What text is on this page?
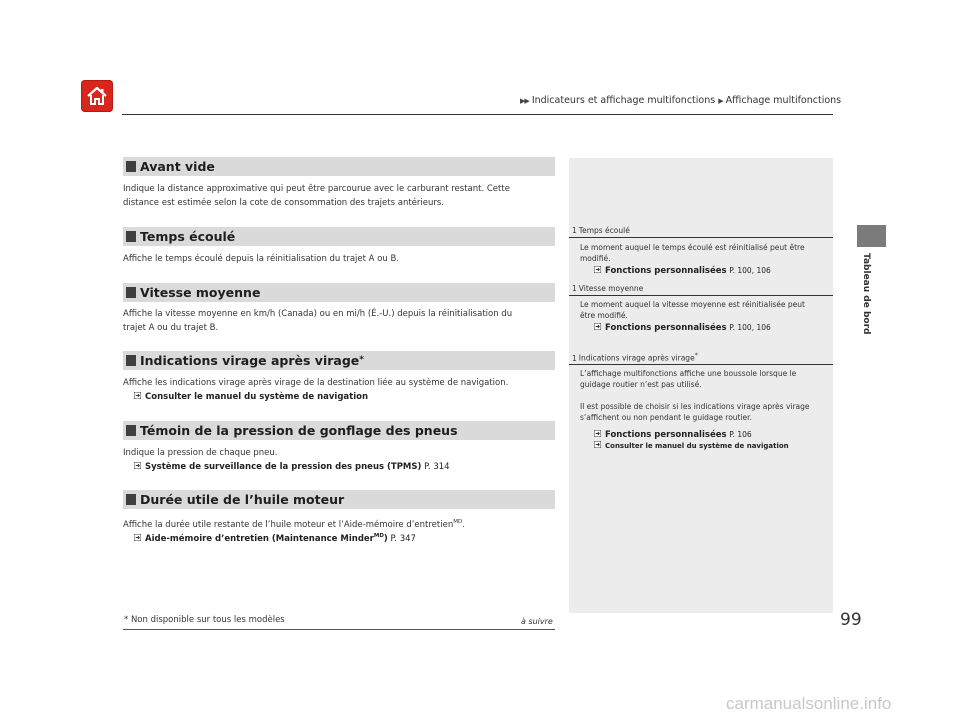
▶▶ Indicateurs et affichage multifonctions ▶ Affichage multifonctions
Tableau de bord
Avant vide
Indique la distance approximative qui peut être parcourue avec le carburant restant. Cette
distance est estimée selon la cote de consommation des trajets antérieurs.
Temps écoulé
Affiche le temps écoulé depuis la réinitialisation du trajet A ou B.
Vitesse moyenne
Affiche la vitesse moyenne en km/h (Canada) ou en mi/h (É.-U.) depuis la réinitialisation du
trajet A ou du trajet B.
Indications virage après virage*
Affiche les indications virage après virage de la destination liée au système de navigation.
Consulter le manuel du système de navigation
Témoin de la pression de gonflage des pneus
Indique la pression de chaque pneu.
Système de surveillance de la pression des pneus (TPMS) P. 314
Durée utile de l’huile moteur
Affiche la durée utile restante de l’huile moteur et l’Aide-mémoire d’entretien$^{MD}$.
Aide-mémoire d’entretien (Maintenance Minder$^{MD}$) P. 347
1 Temps écoulé
Le moment auquel le temps écoulé est réinitialisé peut être
modifié.
Fonctions personnalisées P. 100, 106
1 Vitesse moyenne
Le moment auquel la vitesse moyenne est réinitialisée peut
être modifié.
Fonctions personnalisées P. 100, 106
1 Indications virage après virage*
L’affichage multifonctions affiche une boussole lorsque le
guidage routier n’est pas utilisé.
Il est possible de choisir si les indications virage après virage
s’affichent ou non pendant le guidage routier.
Fonctions personnalisées P. 106
Consulter le manuel du système de navigation
* Non disponible sur tous les modèles	à suivre	99
carmanualsonline.info
